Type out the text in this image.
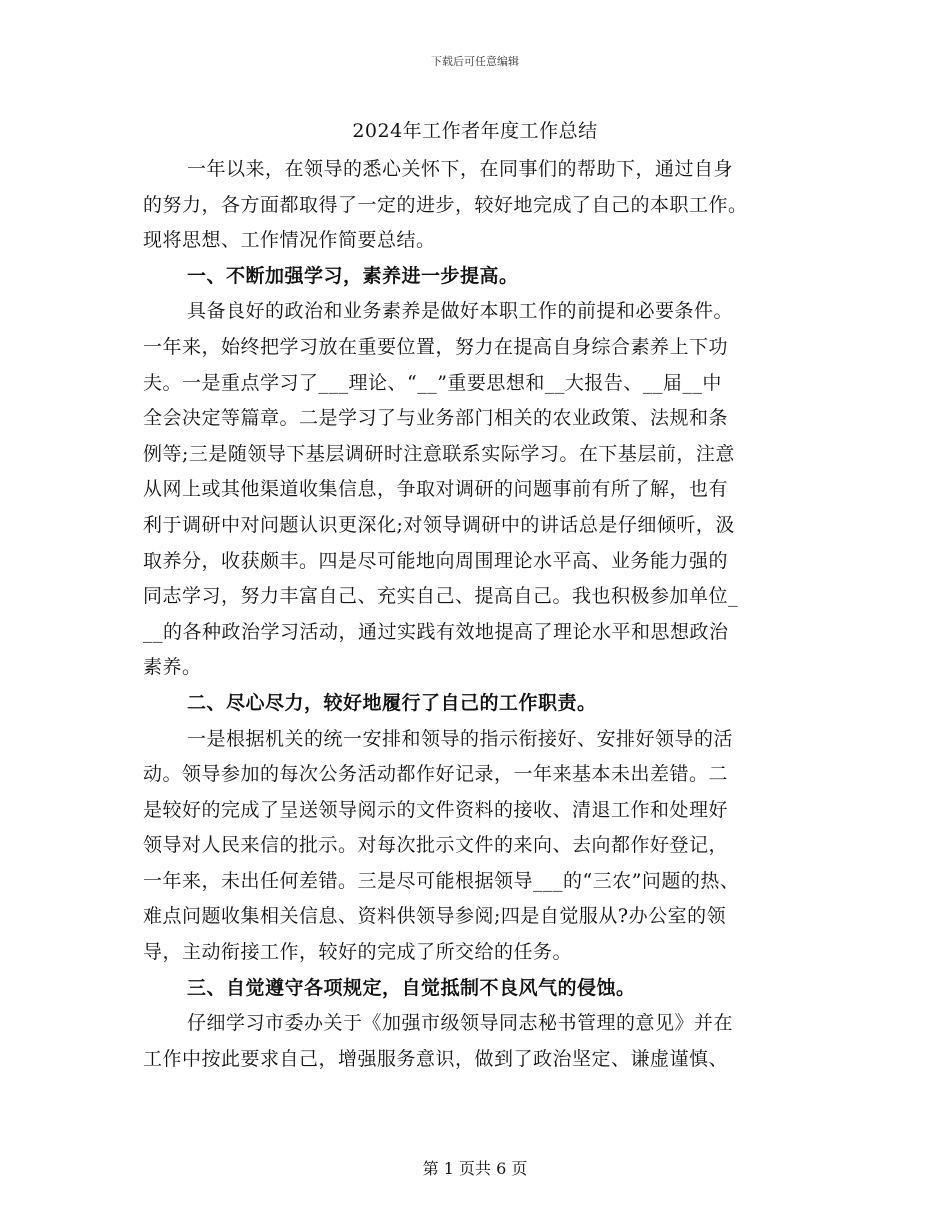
下载后可任意编辑
2024年工作者年度工作总结
一年以来，在领导的悉心关怀下，在同事们的帮助下，通过自身
的努力，各方面都取得了一定的进步，较好地完成了自己的本职工作。
现将思想、工作情况作简要总结。
一、不断加强学习，素养进一步提高。
具备良好的政治和业务素养是做好本职工作的前提和必要条件。
一年来，始终把学习放在重要位置，努力在提高自身综合素养上下功
夫。一是重点学习了___理论、“__”重要思想和__大报告、__届__中
全会决定等篇章。二是学习了与业务部门相关的农业政策、法规和条
例等;三是随领导下基层调研时注意联系实际学习。在下基层前，注意
从网上或其他渠道收集信息，争取对调研的问题事前有所了解，也有
利于调研中对问题认识更深化;对领导调研中的讲话总是仔细倾听，汲
取养分，收获颇丰。四是尽可能地向周围理论水平高、业务能力强的
同志学习，努力丰富自己、充实自己、提高自己。我也积极参加单位_
__的各种政治学习活动，通过实践有效地提高了理论水平和思想政治
素养。
二、尽心尽力，较好地履行了自己的工作职责。
一是根据机关的统一安排和领导的指示衔接好、安排好领导的活
动。领导参加的每次公务活动都作好记录，一年来基本未出差错。二
是较好的完成了呈送领导阅示的文件资料的接收、清退工作和处理好
领导对人民来信的批示。对每次批示文件的来向、去向都作好登记，
一年来，未出任何差错。三是尽可能根据领导___的“三农”问题的热、
难点问题收集相关信息、资料供领导参阅;四是自觉服从?办公室的领
导，主动衔接工作，较好的完成了所交给的任务。
三、自觉遵守各项规定，自觉抵制不良风气的侵蚀。
仔细学习市委办关于《加强市级领导同志秘书管理的意见》并在
工作中按此要求自己，增强服务意识，做到了政治坚定、谦虚谨慎、
第 1 页共 6 页
